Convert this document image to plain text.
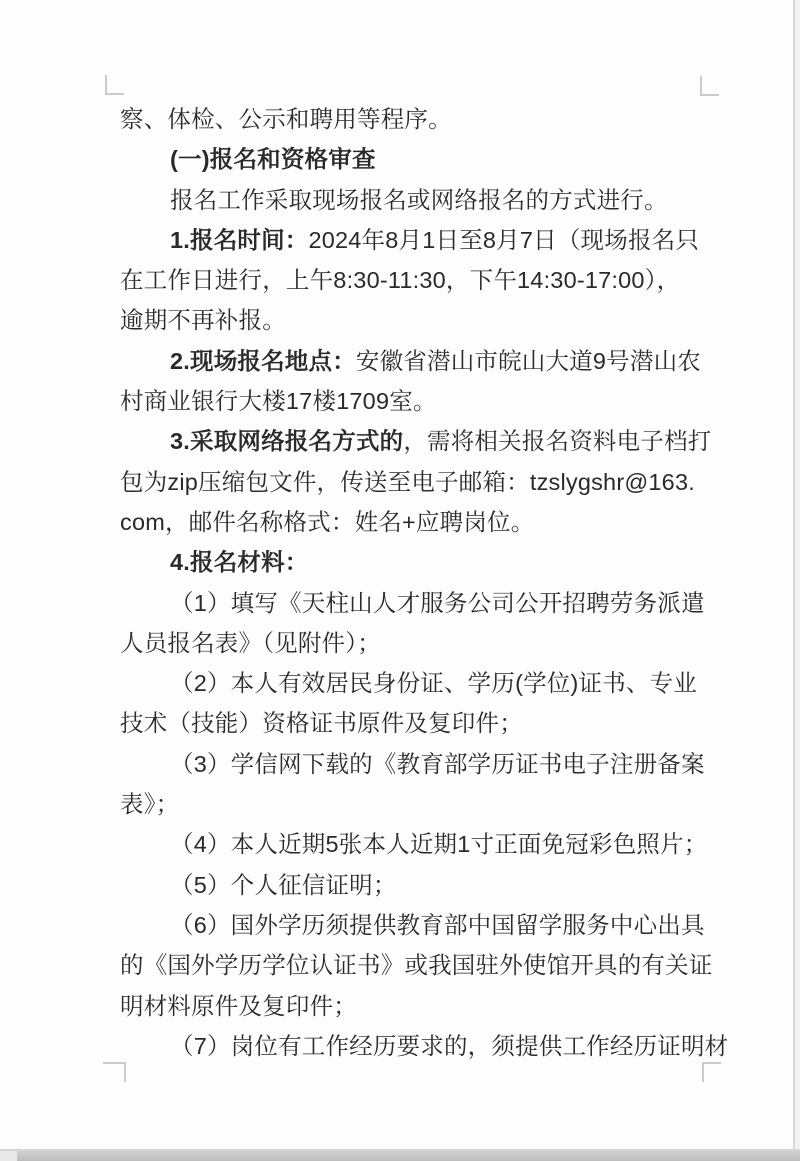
察、体检、公示和聘用等程序。
(一)报名和资格审查
报名工作采取现场报名或网络报名的方式进行。
1.报名时间：2024年8月1日至8月7日（现场报名只
在工作日进行，上午8:30-11:30，下午14:30-17:00），
逾期不再补报。
2.现场报名地点：安徽省潜山市皖山大道9号潜山农
村商业银行大楼17楼1709室。
3.采取网络报名方式的，需将相关报名资料电子档打
包为zip压缩包文件，传送至电子邮箱：tzslygshr@163.
com，邮件名称格式：姓名+应聘岗位。
4.报名材料：
（1）填写《天柱山人才服务公司公开招聘劳务派遣
人员报名表》（见附件）；
（2）本人有效居民身份证、学历(学位)证书、专业
技术（技能）资格证书原件及复印件；
（3）学信网下载的《教育部学历证书电子注册备案
表》；
（4）本人近期5张本人近期1寸正面免冠彩色照片；
（5）个人征信证明；
（6）国外学历须提供教育部中国留学服务中心出具
的《国外学历学位认证书》或我国驻外使馆开具的有关证
明材料原件及复印件；
（7）岗位有工作经历要求的，须提供工作经历证明材
